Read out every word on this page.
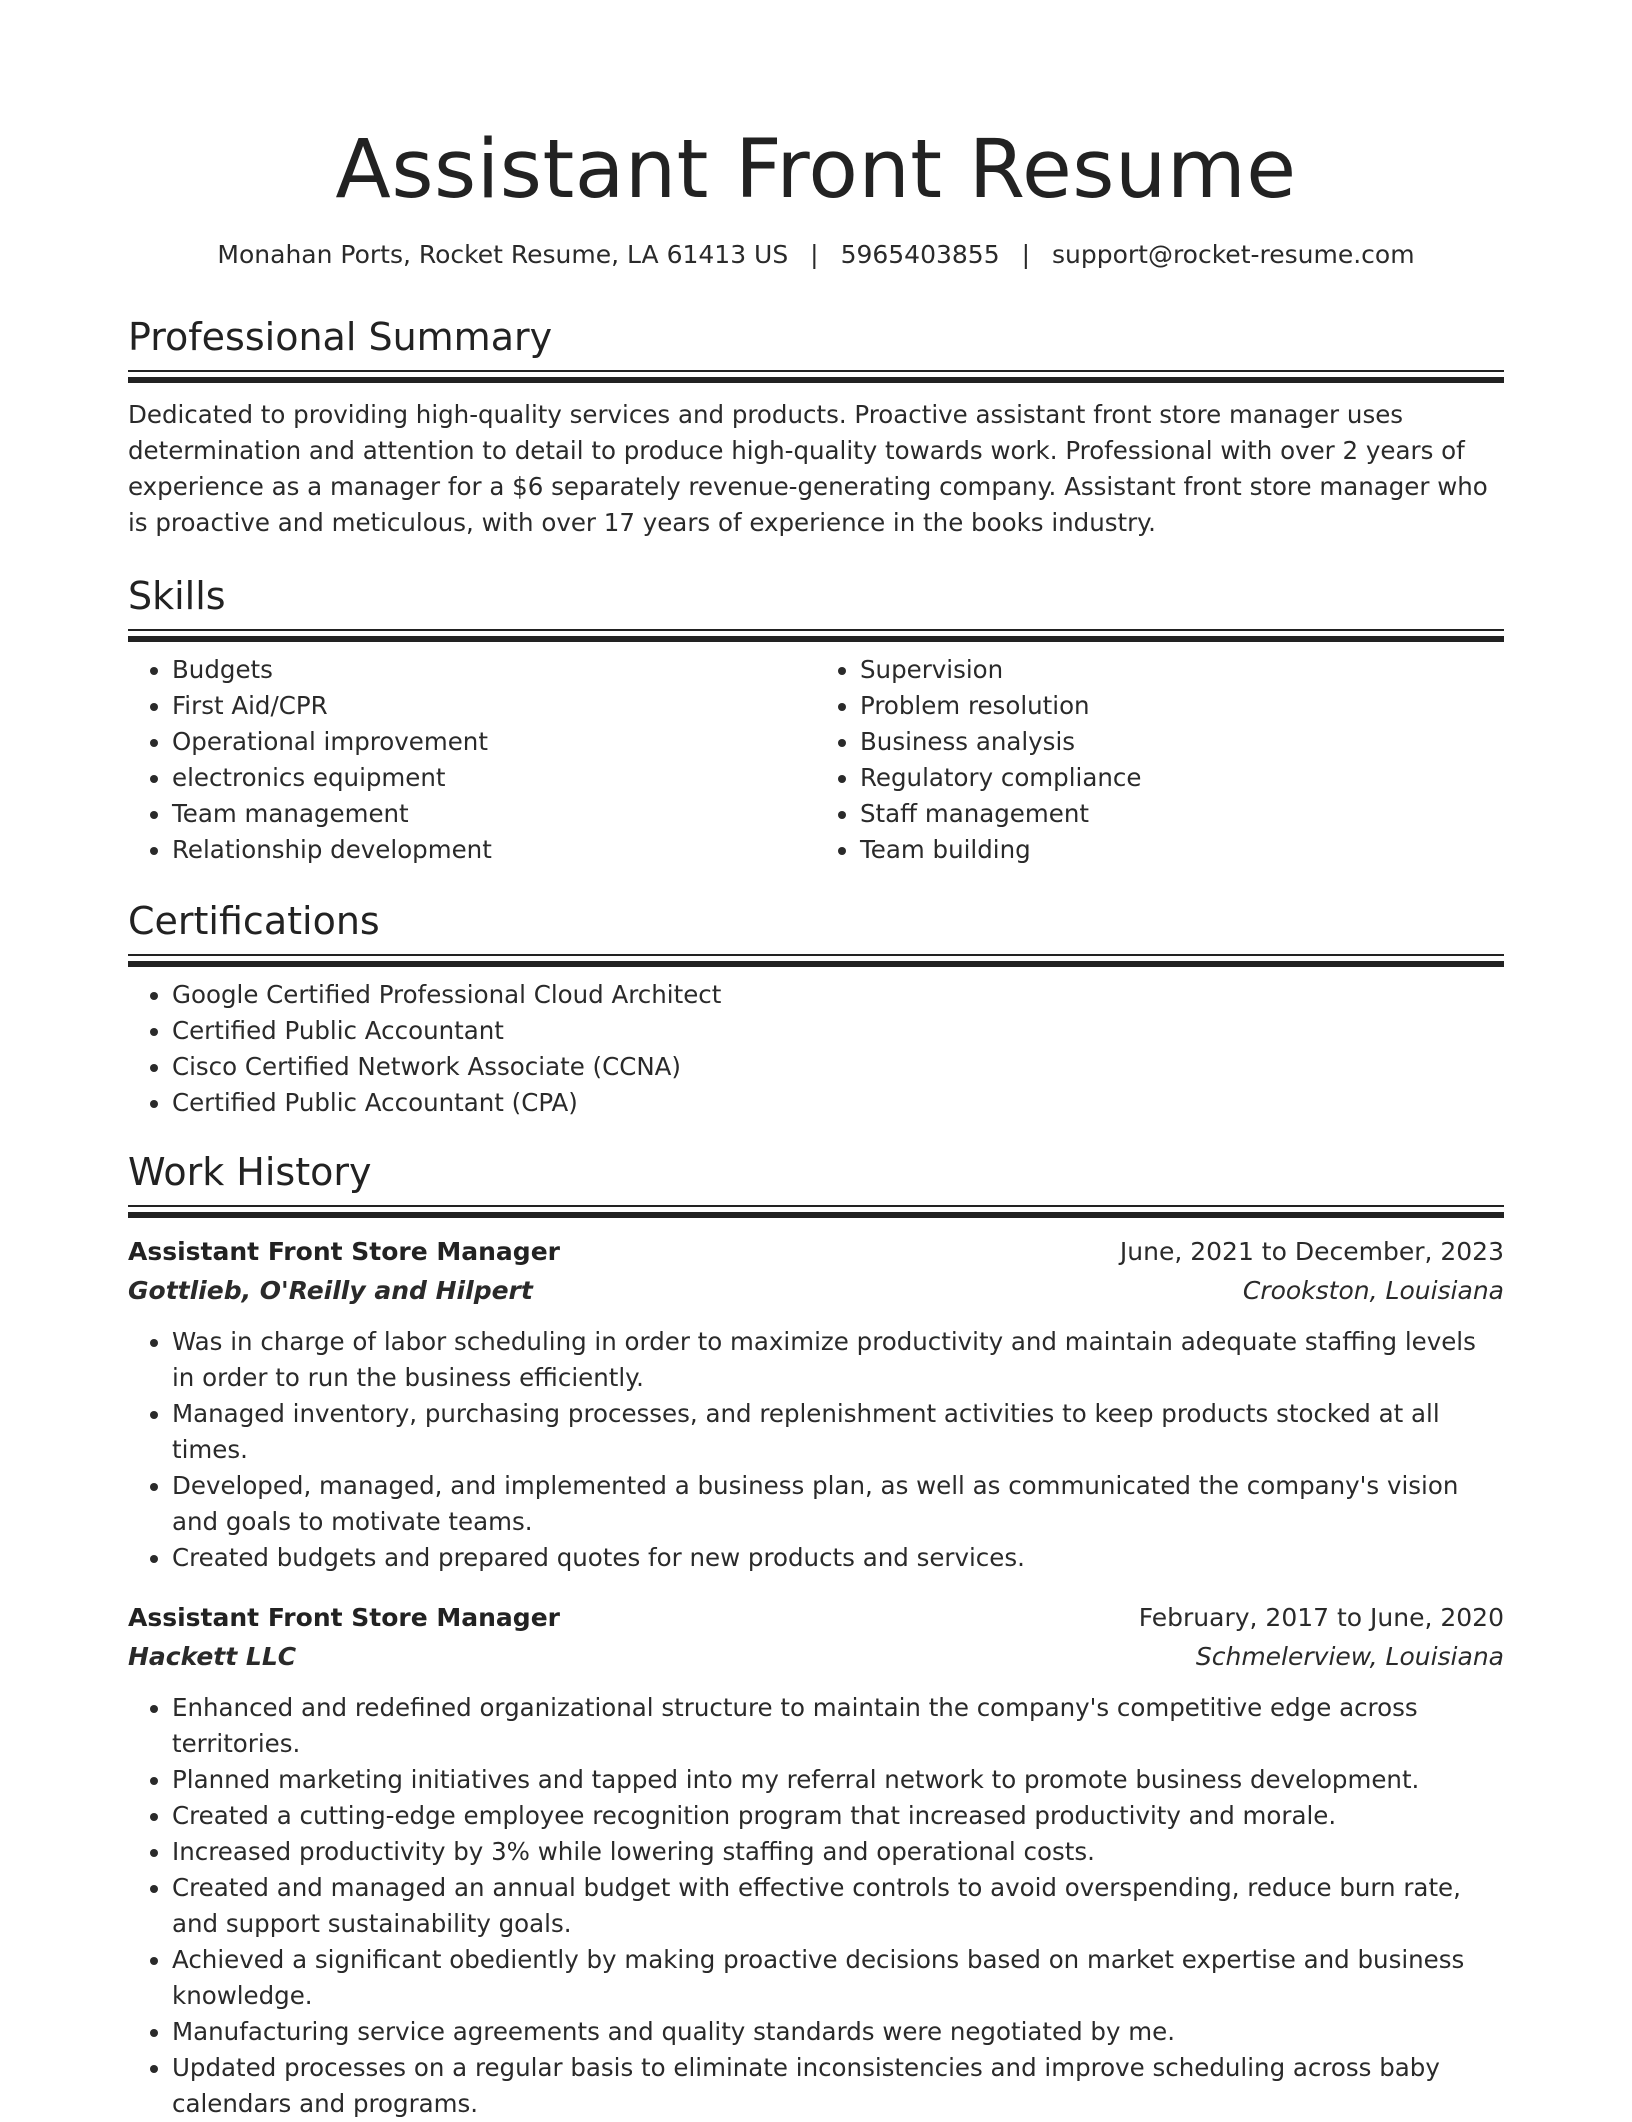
Assistant Front Resume
Monahan Ports, Rocket Resume, LA 61413 US | 5965403855 | support@rocket-resume.com
Professional Summary

Dedicated to providing high-quality services and products. Proactive assistant front store manager uses determination and attention to detail to produce high-quality towards work. Professional with over 2 years of experience as a manager for a $6 separately revenue-generating company. Assistant front store manager who is proactive and meticulous, with over 17 years of experience in the books industry.

Skills
• Budgets
• First Aid/CPR
• Operational improvement
• electronics equipment
• Team management
• Relationship development
• Supervision
• Problem resolution
• Business analysis
• Regulatory compliance
• Staff management
• Team building
Certifications
• Google Certified Professional Cloud Architect
• Certified Public Accountant
• Cisco Certified Network Associate (CCNA)
• Certified Public Accountant (CPA)
Work History
Assistant Front Store Manager	June, 2021 to December, 2023
Gottlieb, O'Reilly and Hilpert	Crookston, Louisiana
• Was in charge of labor scheduling in order to maximize productivity and maintain adequate staffing levels in order to run the business efficiently.
• Managed inventory, purchasing processes, and replenishment activities to keep products stocked at all times.
• Developed, managed, and implemented a business plan, as well as communicated the company's vision and goals to motivate teams.
• Created budgets and prepared quotes for new products and services.
Assistant Front Store Manager	February, 2017 to June, 2020
Hackett LLC	Schmelerview, Louisiana
• Enhanced and redefined organizational structure to maintain the company's competitive edge across territories.
• Planned marketing initiatives and tapped into my referral network to promote business development.
• Created a cutting-edge employee recognition program that increased productivity and morale.
• Increased productivity by 3% while lowering staffing and operational costs.
• Created and managed an annual budget with effective controls to avoid overspending, reduce burn rate, and support sustainability goals.
• Achieved a significant obediently by making proactive decisions based on market expertise and business knowledge.
• Manufacturing service agreements and quality standards were negotiated by me.
• Updated processes on a regular basis to eliminate inconsistencies and improve scheduling across baby calendars and programs.
